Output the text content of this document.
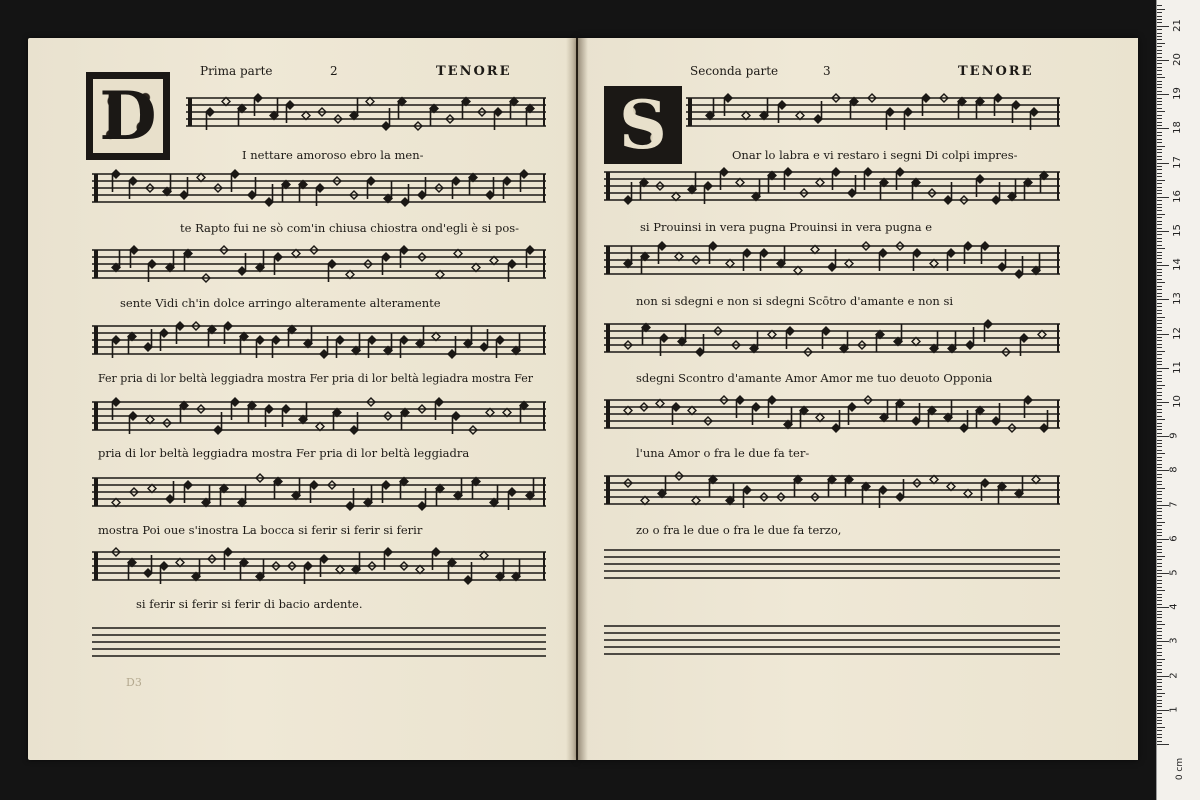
D
Prima parte	2	TENORE
S
Seconda parte	3	TENORE
I nettare amoroso ebro la men-
te Rapto fui ne sò com'in chiusa chiostra ond'egli è si pos-
sente Vidi ch'in dolce arringo alteramente alteramente
Fer pria di lor beltà leggiadra mostra Fer pria di lor beltà legiadra mostra Fer
pria di lor beltà leggiadra mostra Fer pria di lor beltà leggiadra
mostra Poi oue s'inostra La bocca si ferir si ferir si ferir
si ferir si ferir si ferir di bacio ardente.
D3
Onar lo labra e vi restaro i segni Di colpi impres-
si Prouinsi in vera pugna Prouinsi in vera pugna e
non si sdegni e non si sdegni Scōtro d'amante e non si
sdegni Scontro d'amante Amor Amor me tuo deuoto Opponia
l'una Amor o fra le due fa ter-
zo o fra le due o fra le due fa terzo,
0 cm
1
2
3
4
5
6
7
8
9
10
11
12
13
14
15
16
17
18
19
20
21
